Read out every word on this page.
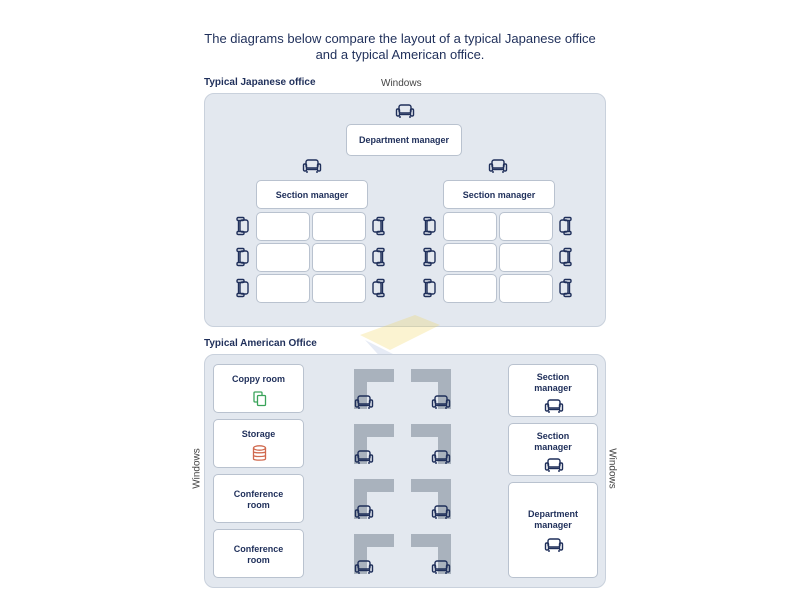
The diagrams below compare the layout of a typical Japanese office
and a typical American office.
Typical Japanese office	Windows
Department manager
Section manager	Section manager
Typical American Office
Windows	Windows
Coppy room
Storage
Conference
room
Conference
room
Section
manager
Section
manager
Department
manager
